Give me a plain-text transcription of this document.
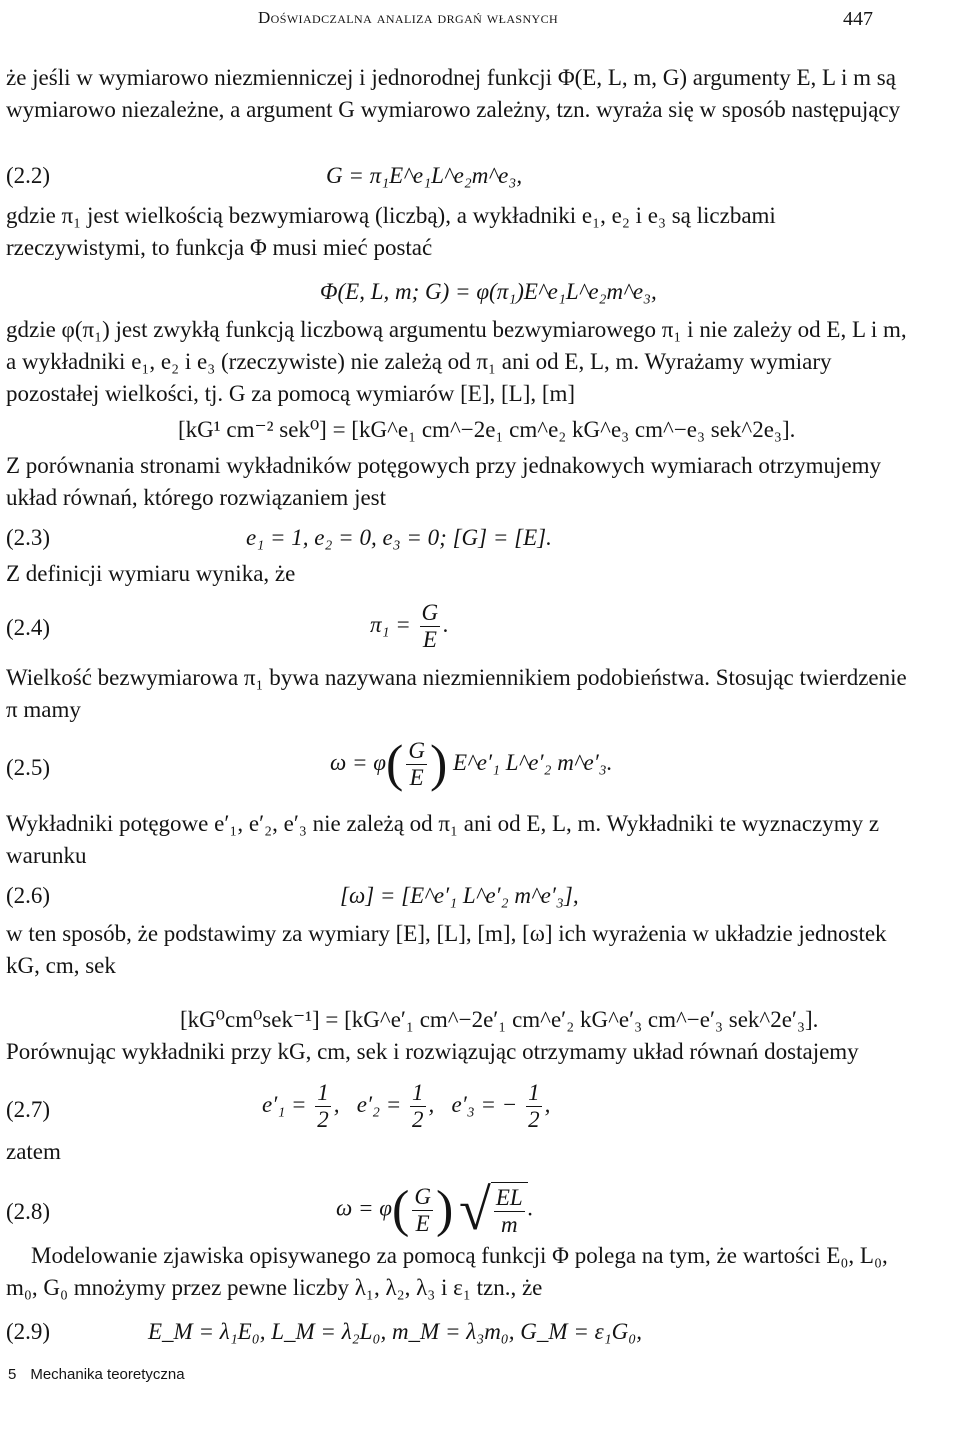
Doświadczalna analiza drgań własnych	447

że jeśli w wymiarowo niezmienniczej i jednorodnej funkcji Φ(E, L, m, G) argumenty E, L i m są wymiarowo niezależne, a argument G wymiarowo zależny, tzn. wyraża się w sposób następujący

(2.2)	G = π₁E^e₁L^e₂m^e₃,

gdzie π₁ jest wielkością bezwymiarową (liczbą), a wykładniki e₁, e₂ i e₃ są liczbami rzeczywistymi, to funkcja Φ musi mieć postać

Φ(E, L, m; G) = φ(π₁)E^e₁L^e₂m^e₃,

gdzie φ(π₁) jest zwykłą funkcją liczbową argumentu bezwymiarowego π₁ i nie zależy od E, L i m, a wykładniki e₁, e₂ i e₃ (rzeczywiste) nie zależą od π₁ ani od E, L, m. Wyrażamy wymiary pozostałej wielkości, tj. G za pomocą wymiarów [E], [L], [m]

[kG¹ cm⁻² sek⁰] = [kG^e₁ cm^−2e₁ cm^e₂ kG^e₃ cm^−e₃ sek^2e₃].

Z porównania stronami wykładników potęgowych przy jednakowych wymiarach otrzymujemy układ równań, którego rozwiązaniem jest

(2.3)	e₁ = 1, e₂ = 0, e₃ = 0; [G] = [E].

Z definicji wymiaru wynika, że

(2.4)	$\pi_1 = \frac{G}{E}$ .

Wielkość bezwymiarowa π₁ bywa nazywana niezmiennikiem podobieństwa. Stosując twierdzenie π mamy

(2.5)	$\omega = \varphi( \frac{G}{E}$ ) E^e′₁ L^e′₂ m^e′₃.

Wykładniki potęgowe e′₁, e′₂, e′₃ nie zależą od π₁ ani od E, L, m. Wykładniki te wyznaczymy z warunku

(2.6)	[ω] = [E^e′₁ L^e′₂ m^e′₃],

w ten sposób, że podstawimy za wymiary [E], [L], [m], [ω] ich wyrażenia w układzie jednostek kG, cm, sek

[kG⁰cm⁰sek⁻¹] = [kG^e′₁ cm^−2e′₁ cm^e′₂ kG^e′₃ cm^−e′₃ sek^2e′₃].

Porównując wykładniki przy kG, cm, sek i rozwiązując otrzymamy układ równań dostajemy

(2.7)	$e'_1 = \frac{1}{2}$ ,   $e'_2 = \frac{1}{2}$ ,   e′₃ = − $\frac{1}{2}$ ,

zatem

(2.8)	$\omega = \varphi( \frac{G}{E}$ ) √ $\frac{EL}{m}$ .

Modelowanie zjawiska opisywanego za pomocą funkcji Φ polega na tym, że wartości E₀, L₀, m₀, G₀ mnożymy przez pewne liczby λ₁, λ₂, λ₃ i ε₁ tzn., że

(2.9)	E_M = λ₁E₀, L_M = λ₂L₀, m_M = λ₃m₀, G_M = ε₁G₀,
5 Mechanika teoretyczna
